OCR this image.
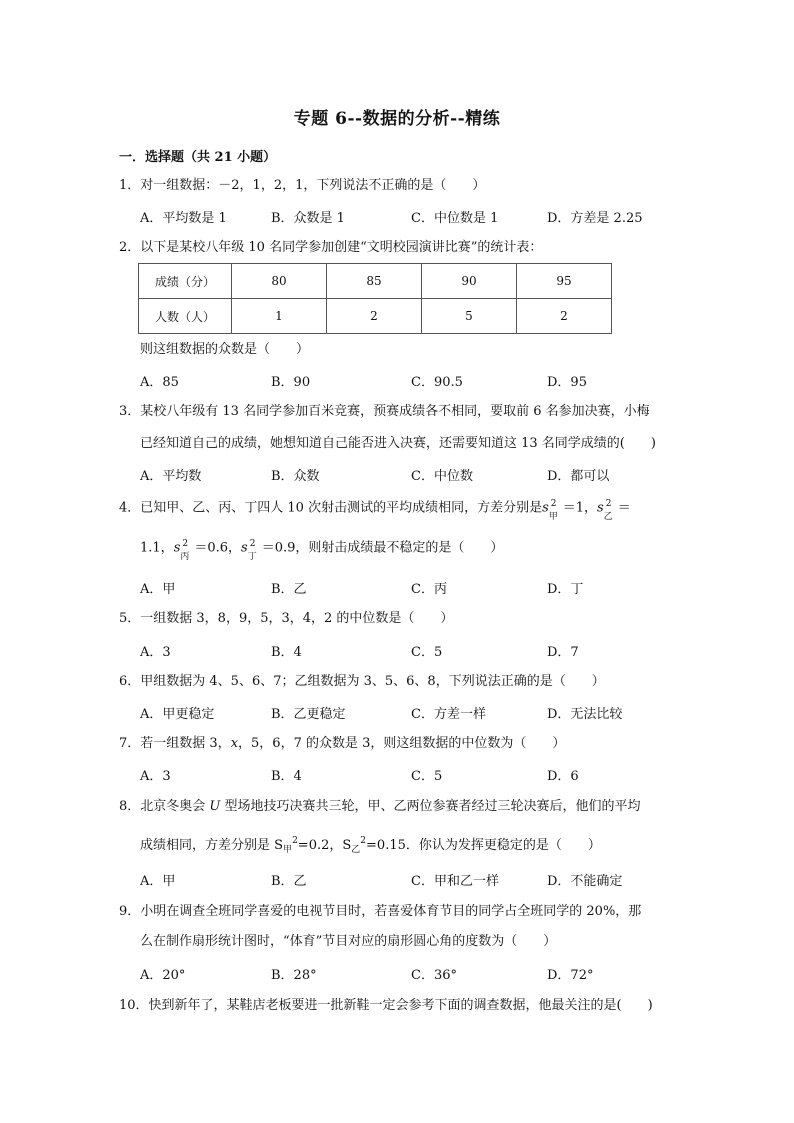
专题 6--数据的分析--精练
一．选择题（共 21 小题）
1．对一组数据：－2，1，2，1，下列说法不正确的是（　　）
A．平均数是 1	B．众数是 1	C．中位数是 1	D．方差是 2.25
2．以下是某校八年级 10 名同学参加创建“文明校园演讲比赛”的统计表：
成绩（分）	80	85	90	95
人数（人）	1	2	5	2
则这组数据的众数是（　　）
A．85	B．90	C．90.5	D．95
3．某校八年级有 13 名同学参加百米竞赛，预赛成绩各不相同，要取前 6 名参加决赛，小梅
已经知道自己的成绩，她想知道自己能否进入决赛，还需要知道这 13 名同学成绩的(　　)
A．平均数	B．众数	C．中位数	D．都可以
4．已知甲、乙、丙、丁四人 10 次射击测试的平均成绩相同，方差分别是s 2
甲
＝1，s 2
乙
＝
1.1，s 2
丙
＝0.6，s 2
丁
＝0.9，则射击成绩最不稳定的是（　　）
A．甲	B．乙	C．丙	D．丁
5．一组数据 3，8，9，5，3，4，2 的中位数是（　　）
A．3	B．4	C．5	D．7
6．甲组数据为 4、5、6、7；乙组数据为 3、5、6、8，下列说法正确的是（　　）
A．甲更稳定	B．乙更稳定	C．方差一样	D．无法比较
7．若一组数据 3，x，5，6，7 的众数是 3，则这组数据的中位数为（　　）
A．3	B．4	C．5	D．6
8．北京冬奥会 U 型场地技巧决赛共三轮，甲、乙两位参赛者经过三轮决赛后，他们的平均
成绩相同，方差分别是 $S_甲^2=0.2$，$S_乙^2=0.15$．你认为发挥更稳定的是（　　）
A．甲	B．乙	C．甲和乙一样	D．不能确定
9．小明在调查全班同学喜爱的电视节目时，若喜爱体育节目的同学占全班同学的 20%，那
么在制作扇形统计图时，“体育”节目对应的扇形圆心角的度数为（　　）
A．20°	B．28°	C．36°	D．72°
10．快到新年了，某鞋店老板要进一批新鞋一定会参考下面的调查数据，他最关注的是(　　)
